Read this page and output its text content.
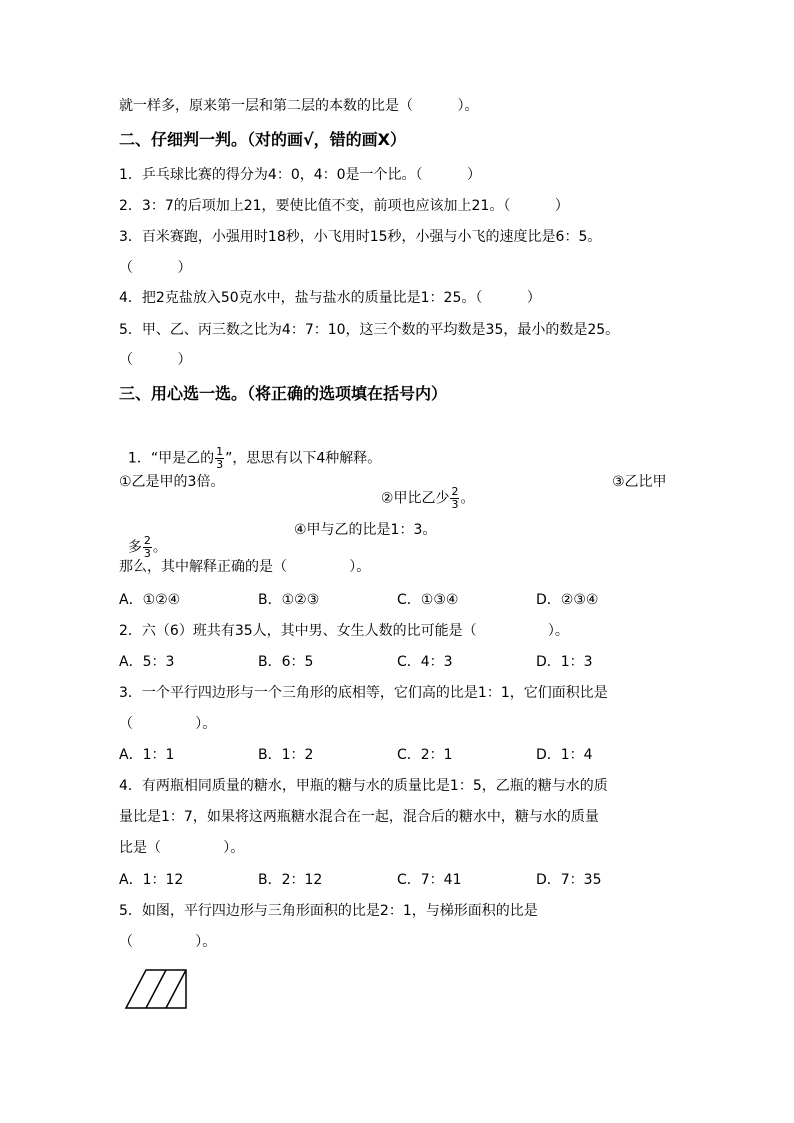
就一样多，原来第一层和第二层的本数的比是（          ）。
二、仔细判一判。（对的画√，错的画X）
1．乒乓球比赛的得分为4：0，4：0是一个比。（          ）
2．3：7的后项加上21，要使比值不变，前项也应该加上21。（          ）
3．百米赛跑，小强用时18秒，小飞用时15秒，小强与小飞的速度比是6：5。
（          ）
4．把2克盐放入50克水中，盐与盐水的质量比是1：25。（          ）
5．甲、乙、丙三数之比为4：7：10，这三个数的平均数是35，最小的数是25。
（          ）
三、用心选一选。（将正确的选项填在括号内）

1．“甲是乙的 $\frac{1}{3}$ ”，思思有以下4种解释。

①乙是甲的3倍。

②甲比乙少 $\frac{2}{3}$ 。

③乙比甲

多 $\frac{2}{3}$ 。

④甲与乙的比是1：3。
那么，其中解释正确的是（              ）。
A．①②④	B．①②③	C．①③④	D．②③④
2．六（6）班共有35人，其中男、女生人数的比可能是（                ）。
A．5：3	B．6：5	C．4：3	D．1：3
3．一个平行四边形与一个三角形的底相等，它们高的比是1：1，它们面积比是
（              ）。
A．1：1	B．1：2	C．2：1	D．1：4
4．有两瓶相同质量的糖水，甲瓶的糖与水的质量比是1：5，乙瓶的糖与水的质
量比是1：7，如果将这两瓶糖水混合在一起，混合后的糖水中，糖与水的质量
比是（              ）。
A．1：12	B．2：12	C．7：41	D．7：35
5．如图，平行四边形与三角形面积的比是2：1，与梯形面积的比是
（              ）。
